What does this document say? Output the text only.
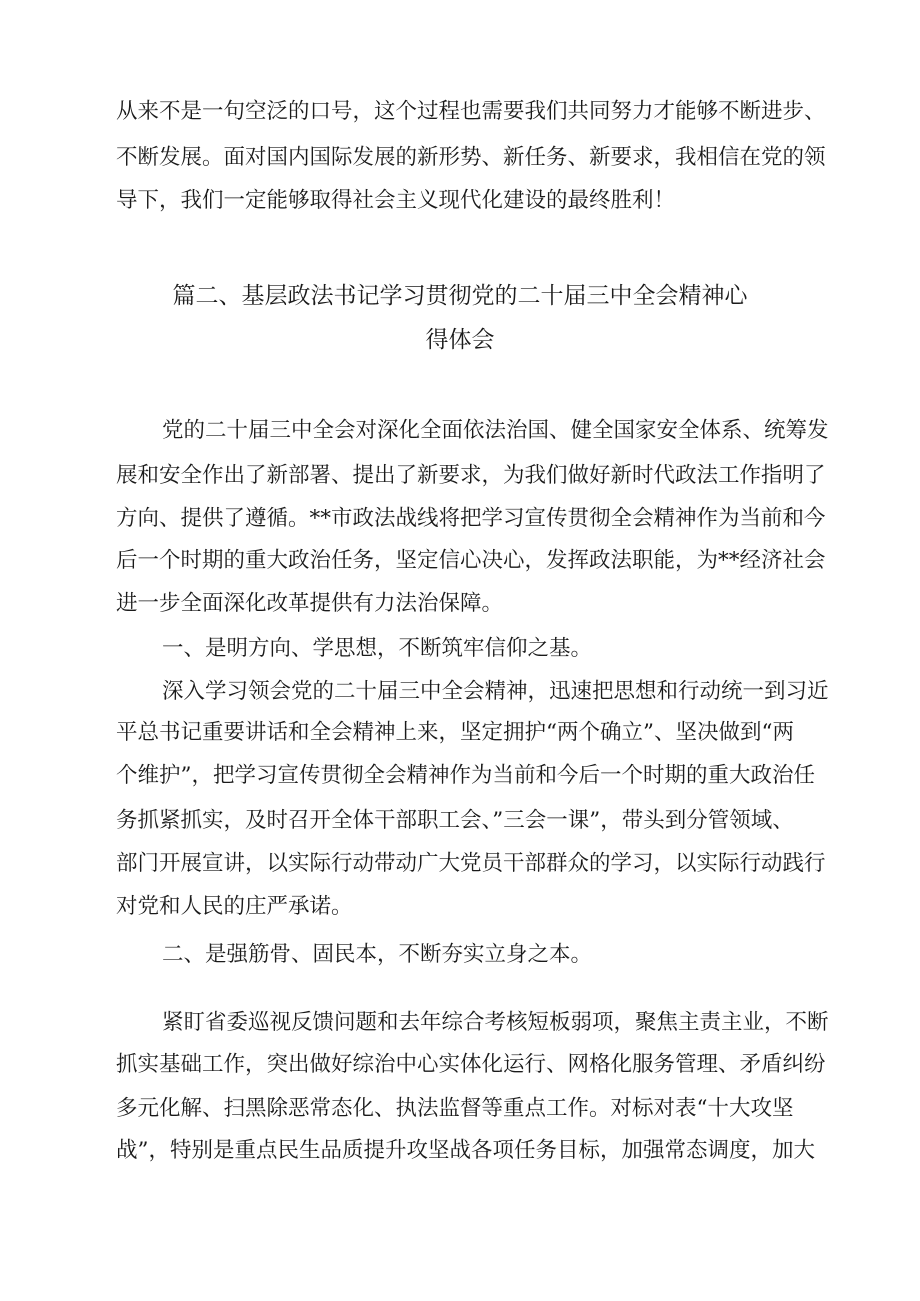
从来不是一句空泛的口号，这个过程也需要我们共同努力才能够不断进步、
不断发展。面对国内国际发展的新形势、新任务、新要求，我相信在党的领
导下，我们一定能够取得社会主义现代化建设的最终胜利！
篇二、基层政法书记学习贯彻党的二十届三中全会精神心
得体会
党的二十届三中全会对深化全面依法治国、健全国家安全体系、统筹发
展和安全作出了新部署、提出了新要求，为我们做好新时代政法工作指明了
方向、提供了遵循。**市政法战线将把学习宣传贯彻全会精神作为当前和今
后一个时期的重大政治任务，坚定信心决心，发挥政法职能，为**经济社会
进一步全面深化改革提供有力法治保障。
一、是明方向、学思想，不断筑牢信仰之基。
深入学习领会党的二十届三中全会精神，迅速把思想和行动统一到习近
平总书记重要讲话和全会精神上来，坚定拥护“两个确立”、坚决做到“两
个维护”，把学习宣传贯彻全会精神作为当前和今后一个时期的重大政治任
务抓紧抓实，及时召开全体干部职工会、”三会一课”，带头到分管领域、
部门开展宣讲，以实际行动带动广大党员干部群众的学习，以实际行动践行
对党和人民的庄严承诺。
二、是强筋骨、固民本，不断夯实立身之本。
紧盯省委巡视反馈问题和去年综合考核短板弱项，聚焦主责主业，不断
抓实基础工作，突出做好综治中心实体化运行、网格化服务管理、矛盾纠纷
多元化解、扫黑除恶常态化、执法监督等重点工作。对标对表“十大攻坚
战”，特别是重点民生品质提升攻坚战各项任务目标，加强常态调度，加大
